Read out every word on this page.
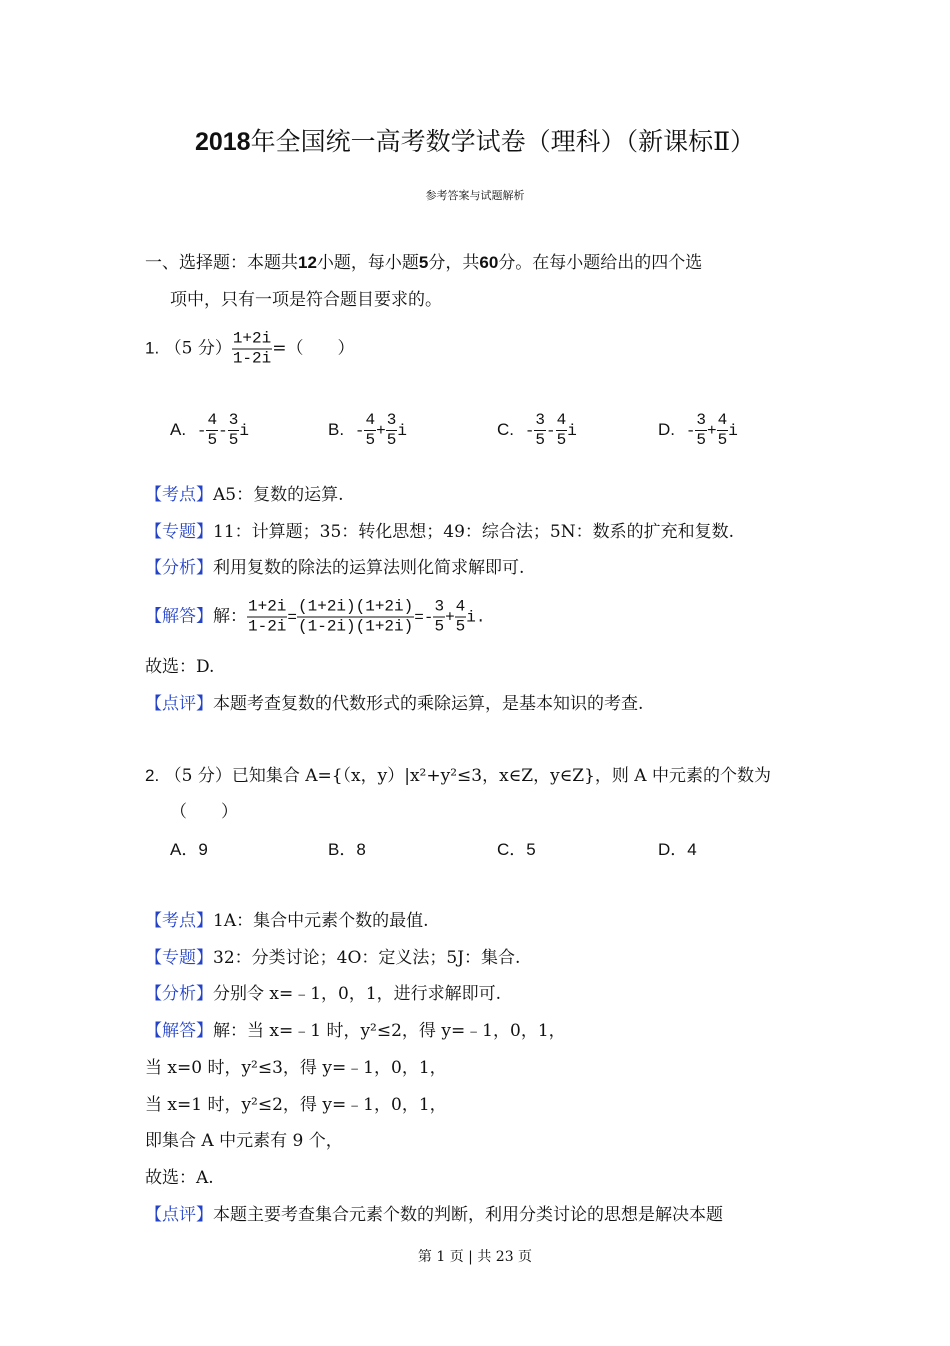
2018年全国统一高考数学试卷（理科）（新课标Ⅱ）
参考答案与试题解析
一、选择题：本题共12小题，每小题5分，共60分。在每小题给出的四个选
项中，只有一项是符合题目要求的。
1. （5 分） $\frac{1+2i}{1-2i}$ =（　　）
A. - $\frac{4}{5} - \frac{3}{5}$ i	B. - $\frac{4}{5} + \frac{3}{5}$ i	C. - $\frac{3}{5} - \frac{4}{5}$ i	D. - $\frac{3}{5} + \frac{4}{5}$ i
【考点】A5：复数的运算.
【专题】11：计算题；35：转化思想；49：综合法；5N：数系的扩充和复数.
【分析】利用复数的除法的运算法则化简求解即可.
【解答】解： $\frac{1+2i}{1-2i} = \frac{(1+2i)(1+2i)}{(1-2i)(1+2i)} =- \frac{3}{5} + \frac{4}{5} i$.
故选：D.
【点评】本题考查复数的代数形式的乘除运算，是基本知识的考查.
2. （5 分）已知集合 A={（x，y）|x²+y²≤3，x∈Z，y∈Z}，则 A 中元素的个数为
（　　）
A．9	B．8	C．5	D．4
【考点】1A：集合中元素个数的最值.
【专题】32：分类讨论；4O：定义法；5J：集合.
【分析】分别令 x=﹣1，0，1，进行求解即可.
【解答】解：当 x=﹣1 时，y²≤2，得 y=﹣1，0，1，
当 x=0 时，y²≤3，得 y=﹣1，0，1，
当 x=1 时，y²≤2，得 y=﹣1，0，1，
即集合 A 中元素有 9 个，
故选：A.
【点评】本题主要考查集合元素个数的判断，利用分类讨论的思想是解决本题
第 1 页 | 共 23 页
